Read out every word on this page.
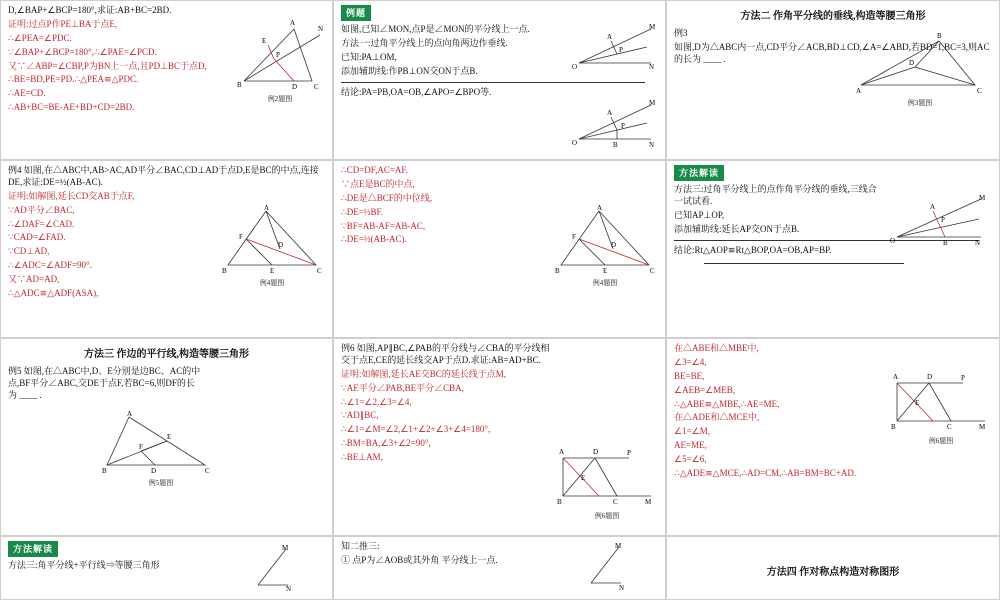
D,∠BAP+∠BCP=180°,求证:AB+BC=2BD.

证明:过点P作PE⊥BA于点E,

∴∠PEA=∠PDC.

∵∠BAP+∠BCP=180°,∴∠PAE=∠PCD.

又∵∠ABP=∠CBP,P为BN上一点,且PD⊥BC于点D,

∴BE=BD,PE=PD.∴△PEA≌△PDC.

∴AE=CD.

∴AB+BC=BE-AE+BD+CD=2BD.

A
N
E
P
B	D C
例2题图
例题

如图,已知∠MON,点P是∠MON的平分线上一点.

方法一:过角平分线上的点向角两边作垂线.

已知:PA⊥OM,

添加辅助线:作PB⊥ON交ON于点B.

结论:PA=PB,OA=OB,∠APO=∠BPO等.

M
A
P
O	N
M
A
P
O	B	N
方法二 作角平分线的垂线,构造等腰三角形

例3

如图,D为△ABC内一点,CD平分∠ACB,BD⊥CD,∠A=∠ABD,若BD=1,BC=3,则AC的长为 ____ .

B
D
A	C
例3题图

例4 如图,在△ABC中,AB>AC,AD平分∠BAC,CD⊥AD于点D,E是BC的中点,连接DE,求证:DE=½(AB-AC).

证明:如解图,延长CD交AB于点F,

∵AD平分∠BAC,

∴∠DAF=∠CAD.

∵CAD=∠FAD.

∵CD⊥AD,

∴∠ADC=∠ADF=90°.

又∵AD=AD,

∴△ADC≌△ADF(ASA),

A
F
D
B	E	C
例4题图

∴CD=DF,AC=AF.

∵点E是BC的中点,

∴DE是△BCF的中位线,

∴DE=½BF.

∵BF=AB-AF=AB-AC,

∴DE=½(AB-AC).

A
F
D
B	E	C
例4题图
方法解读

方法三:过角平分线上的点作角平分线的垂线,三线合一试试看.

已知AP⊥OP,

添加辅助线:延长AP交ON于点B.

结论:Rt△AOP≌Rt△BOP,OA=OB,AP=BP.

M
A
P
O	B	N
方法三 作边的平行线,构造等腰三角形

例5 如图,在△ABC中,D、E分别是边BC、AC的中点,BF平分∠ABC,交DE于点F,若BC=6,则DF的长为 ____ .

A
E
F
B	D	C
例5题图

例6 如图,AP∥BC,∠PAB的平分线与∠CBA的平分线相交于点E,CE的延长线交AP于点D.求证:AB=AD+BC.

证明:如解图,延长AE交BC的延长线于点M,

∵AE平分∠PAB,BE平分∠CBA,

∴∠1=∠2,∠3=∠4,

∵AD∥BC,

∴∠1=∠M=∠2,∠1+∠2+∠3+∠4=180°,

∴BM=BA,∠3+∠2=90°,

∴BE⊥AM,	A	D	P
E
B	C	M
例6题图

在△ABE和△MBE中,

∠3=∠4,

BE=BE,

∠AEB=∠MEB,

∴△ABE≌△MBE,∴AE=ME,

在△ADE和△MCE中,

∠1=∠M,

AE=ME,

∠5=∠6,

∴△ADE≌△MCE,∴AD=CM,∴AB=BM=BC+AD.

A	D	P
E
B	C	M
例6题图
方法解读

方法三:角平分线+平行线⇒等腰三角形

M
N

知二推三:

① 点P为∠AOB或其外角 平分线上一点.

M
N
方法四 作对称点构造对称图形
